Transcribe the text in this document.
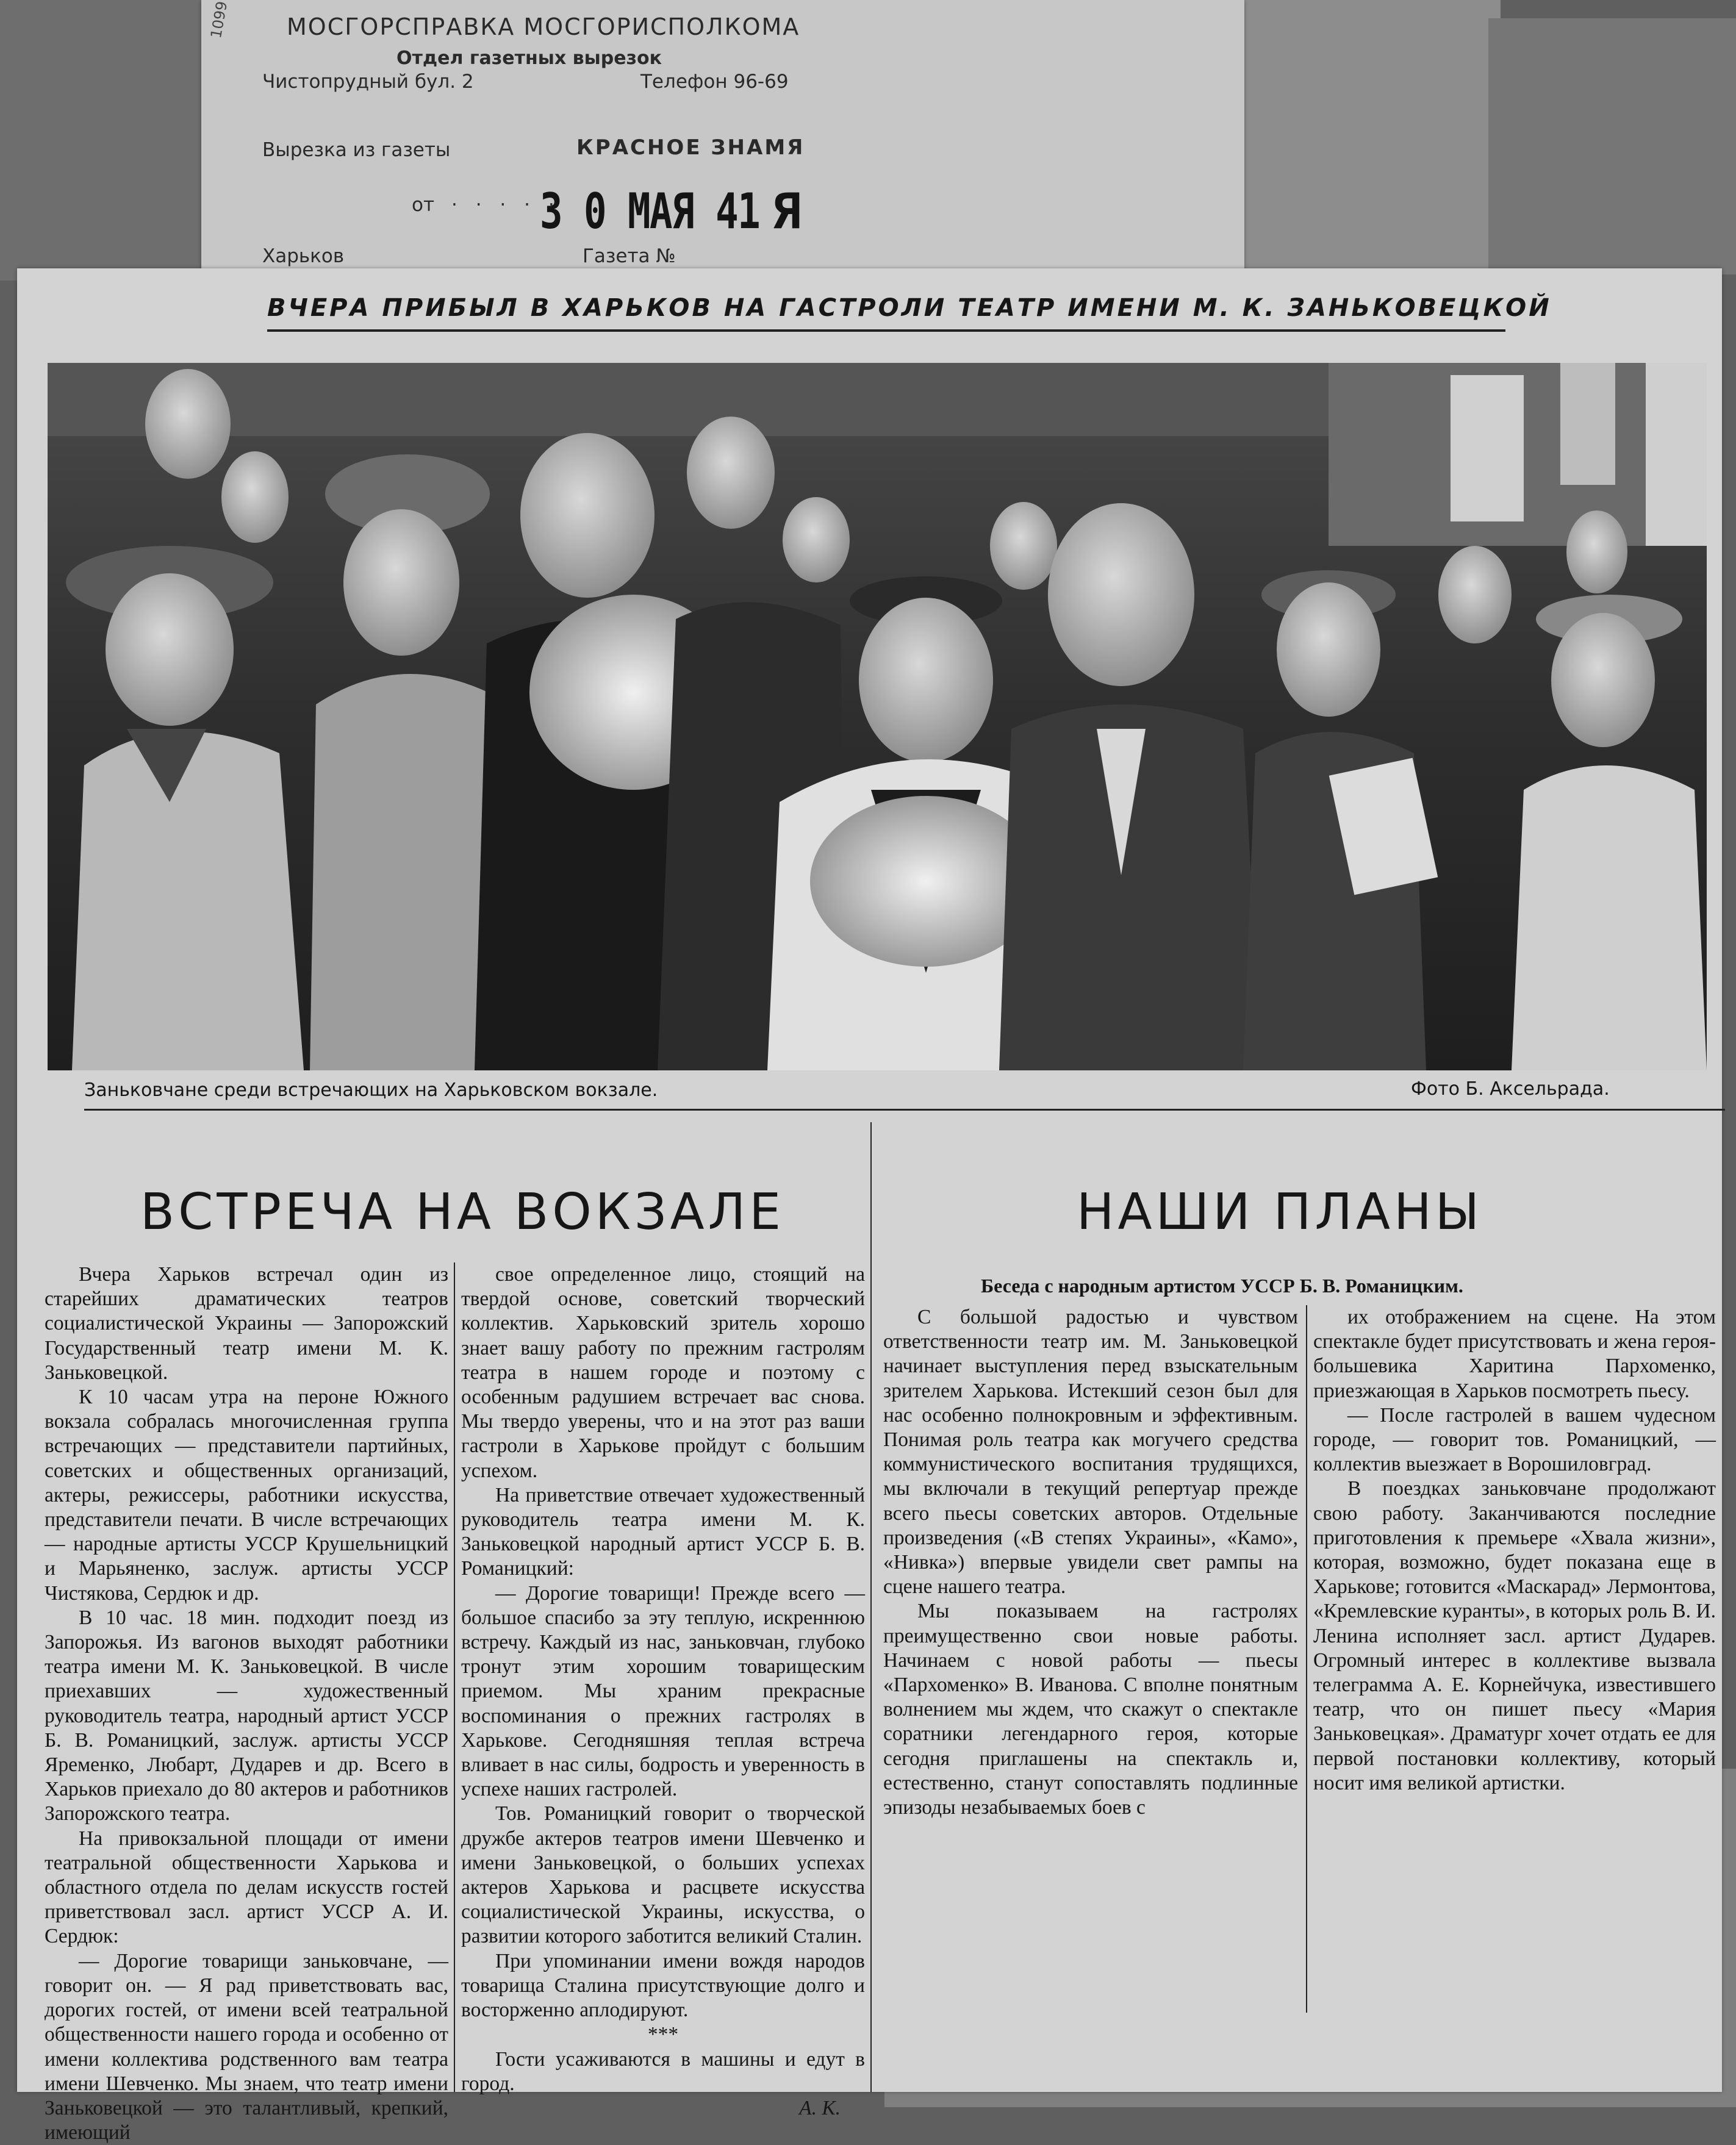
1099 МОСГОРСПРАВКА МОСГОРИСПОЛКОМА
Отдел газетных вырезок
Чистопрудный бул. 2	Телефон 96-69
Вырезка из газеты	КРАСНОЕ ЗНАМЯ
от · · · · ·
3 0 МАЯ 41 Я
Харьков	Газета №
ВЧЕРА ПРИБЫЛ В ХАРЬКОВ НА ГАСТРОЛИ ТЕАТР ИМЕНИ М. К. ЗАНЬКОВЕЦКОЙ
Заньковчане среди встречающих на Харьковском вокзале.	Фото Б. Аксельрада.
ВСТРЕЧА НА ВОКЗАЛЕ

Вчера Харьков встречал один из старейших драматических театров социалистической Украины — Запорожский Государственный театр имени М. К. Заньковецкой.

К 10 часам утра на пероне Южного вокзала собралась многочисленная группа встречающих — представители партийных, советских и общественных организаций, актеры, режиссеры, работники искусства, представители печати. В числе встречающих — народные артисты УССР Крушельницкий и Марьяненко, заслуж. артисты УССР Чистякова, Сердюк и др.

В 10 час. 18 мин. подходит поезд из Запорожья. Из вагонов выходят работники театра имени М. К. Заньковецкой. В числе приехавших — художественный руководитель театра, народный артист УССР Б. В. Романицкий, заслуж. артисты УССР Яременко, Любарт, Дударев и др. Всего в Харьков приехало до 80 актеров и работников Запорожского театра.

На привокзальной площади от имени театральной общественности Харькова и областного отдела по делам искусств гостей приветствовал засл. артист УССР А. И. Сердюк:

— Дорогие товарищи заньковчане, — говорит он. — Я рад приветствовать вас, дорогих гостей, от имени всей театральной общественности нашего города и особенно от имени коллектива родственного вам театра имени Шевченко. Мы знаем, что театр имени Заньковецкой — это талантливый, крепкий, имеющий

свое определенное лицо, стоящий на твердой основе, советский творческий коллектив. Харьковский зритель хорошо знает вашу работу по прежним гастролям театра в нашем городе и поэтому с особенным радушием встречает вас снова. Мы твердо уверены, что и на этот раз ваши гастроли в Харькове пройдут с большим успехом.

На приветствие отвечает художественный руководитель театра имени М. К. Заньковецкой народный артист УССР Б. В. Романицкий:

— Дорогие товарищи! Прежде всего — большое спасибо за эту теплую, искреннюю встречу. Каждый из нас, заньковчан, глубоко тронут этим хорошим товарищеским приемом. Мы храним прекрасные воспоминания о прежних гастролях в Харькове. Сегодняшняя теплая встреча вливает в нас силы, бодрость и уверенность в успехе наших гастролей.

Тов. Романицкий говорит о творческой дружбе актеров театров имени Шевченко и имени Заньковецкой, о больших успехах актеров Харькова и расцвете искусства социалистической Украины, искусства, о развитии которого заботится великий Сталин.

При упоминании имени вождя народов товарища Сталина присутствующие долго и восторженно аплодируют.

***

Гости усаживаются в машины и едут в город.

А. К.

НАШИ ПЛАНЫ
Беседа с народным артистом УССР Б. В. Романицким.

С большой радостью и чувством ответственности театр им. М. Заньковецкой начинает выступления перед взыскательным зрителем Харькова. Истекший сезон был для нас особенно полнокровным и эффективным. Понимая роль театра как могучего средства коммунистического воспитания трудящихся, мы включали в текущий репертуар прежде всего пьесы советских авторов. Отдельные произведения («В степях Украины», «Камо», «Нивка») впервые увидели свет рампы на сцене нашего театра.

Мы показываем на гастролях преимущественно свои новые работы. Начинаем с новой работы — пьесы «Пархоменко» В. Иванова. С вполне понятным волнением мы ждем, что скажут о спектакле соратники легендарного героя, которые сегодня приглашены на спектакль и, естественно, станут сопоставлять подлинные эпизоды незабываемых боев с

их отображением на сцене. На этом спектакле будет присутствовать и жена героя-большевика Харитина Пархоменко, приезжающая в Харьков посмотреть пьесу.

— После гастролей в вашем чудесном городе, — говорит тов. Романицкий, — коллектив выезжает в Ворошиловград.

В поездках заньковчане продолжают свою работу. Заканчиваются последние приготовления к премьере «Хвала жизни», которая, возможно, будет показана еще в Харькове; готовится «Маскарад» Лермонтова, «Кремлевские куранты», в которых роль В. И. Ленина исполняет засл. артист Дударев. Огромный интерес в коллективе вызвала телеграмма А. Е. Корнейчука, известившего театр, что он пишет пьесу «Мария Заньковецкая». Драматург хочет отдать ее для первой постановки коллективу, который носит имя великой артистки.
